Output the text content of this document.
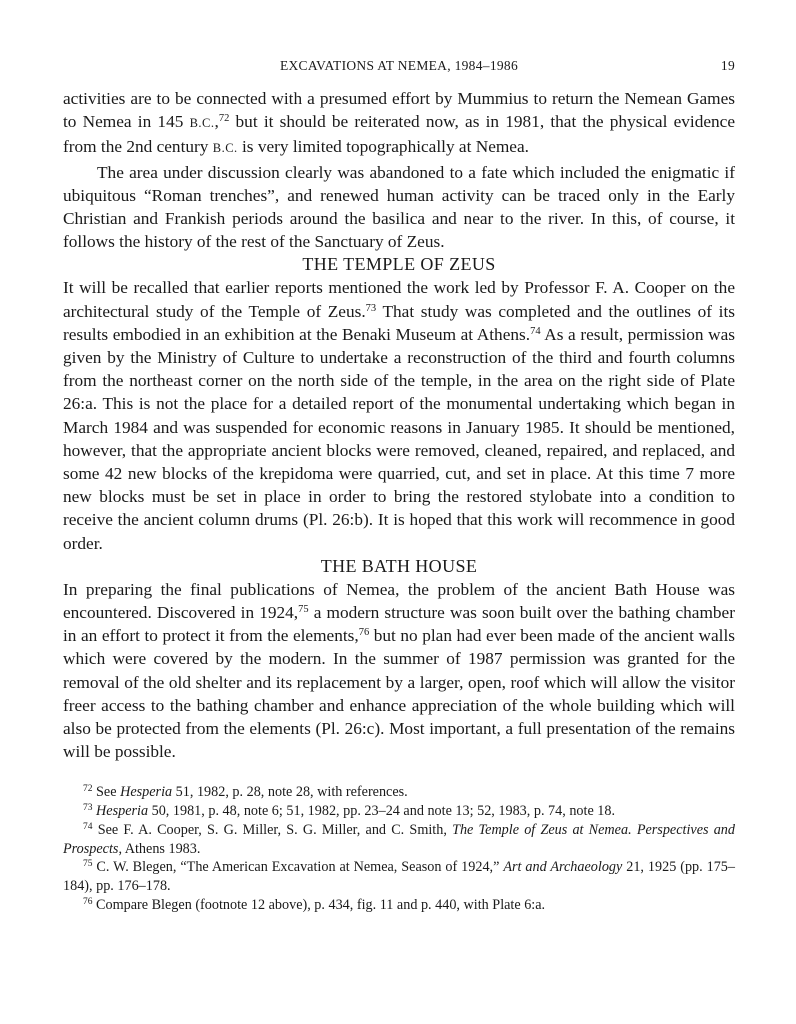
EXCAVATIONS AT NEMEA, 1984–1986	19

activities are to be connected with a presumed effort by Mummius to return the Nemean Games to Nemea in 145 B.C.,$^{72}$ but it should be reiterated now, as in 1981, that the physical evidence from the 2nd century B.C. is very limited topographically at Nemea.

The area under discussion clearly was abandoned to a fate which included the enigmatic if ubiquitous “Roman trenches”, and renewed human activity can be traced only in the Early Christian and Frankish periods around the basilica and near to the river. In this, of course, it follows the history of the rest of the Sanctuary of Zeus.

THE TEMPLE OF ZEUS

It will be recalled that earlier reports mentioned the work led by Professor F. A. Cooper on the architectural study of the Temple of Zeus.$^{73}$ That study was completed and the outlines of its results embodied in an exhibition at the Benaki Museum at Athens.$^{74}$ As a result, permission was given by the Ministry of Culture to undertake a reconstruction of the third and fourth columns from the northeast corner on the north side of the temple, in the area on the right side of Plate 26:a. This is not the place for a detailed report of the monumental undertaking which began in March 1984 and was suspended for economic reasons in January 1985. It should be mentioned, however, that the appropriate ancient blocks were removed, cleaned, repaired, and replaced, and some 42 new blocks of the krepidoma were quarried, cut, and set in place. At this time 7 more new blocks must be set in place in order to bring the restored stylobate into a condition to receive the ancient column drums (Pl. 26:b). It is hoped that this work will recommence in good order.

THE BATH HOUSE

In preparing the final publications of Nemea, the problem of the ancient Bath House was encountered. Discovered in 1924,75 a modern structure was soon built over the bathing chamber in an effort to protect it from the elements,$^{76}$ but no plan had ever been made of the ancient walls which were covered by the modern. In the summer of 1987 permission was granted for the removal of the old shelter and its replacement by a larger, open, roof which will allow the visitor freer access to the bathing chamber and enhance appreciation of the whole building which will also be protected from the elements (Pl. 26:c). Most important, a full presentation of the remains will be possible.

$^{72}$ See Hesperia 51, 1982, p. 28, note 28, with references.

$^{73}$ Hesperia 50, 1981, p. 48, note 6; 51, 1982, pp. 23–24 and note 13; 52, 1983, p. 74, note 18.

$^{74}$ See F. A. Cooper, S. G. Miller, S. G. Miller, and C. Smith, The Temple of Zeus at Nemea. Perspectives and Prospects, Athens 1983.

$^{75}$ C. W. Blegen, “The American Excavation at Nemea, Season of 1924,” Art and Archaeology 21, 1925 (pp. 175–184), pp. 176–178.

$^{76}$ Compare Blegen (footnote 12 above), p. 434, fig. 11 and p. 440, with Plate 6:a.
